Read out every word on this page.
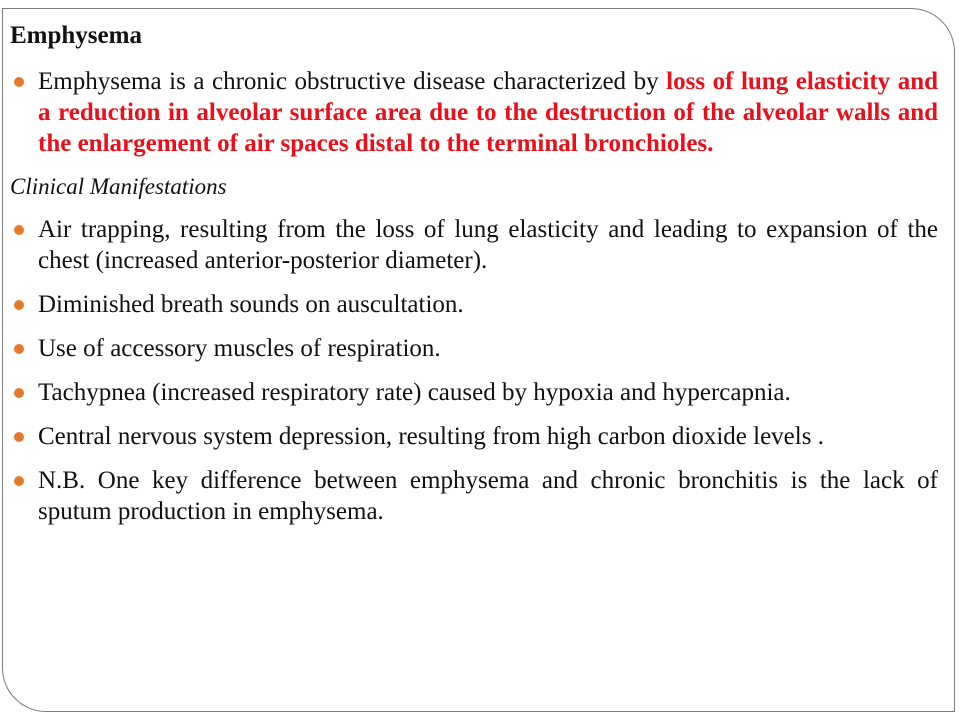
Emphysema
Emphysema is a chronic obstructive disease characterized by loss of lung elasticity and a reduction in alveolar surface area due to the destruction of the alveolar walls and the enlargement of air spaces distal to the terminal bronchioles.
Clinical Manifestations
Air trapping, resulting from the loss of lung elasticity and leading to expansion of the chest (increased anterior-posterior diameter).
Diminished breath sounds on auscultation.
Use of accessory muscles of respiration.
Tachypnea (increased respiratory rate) caused by hypoxia and hypercapnia.
Central nervous system depression, resulting from high carbon dioxide levels .
N.B. One key difference between emphysema and chronic bronchitis is the lack of sputum production in emphysema.
